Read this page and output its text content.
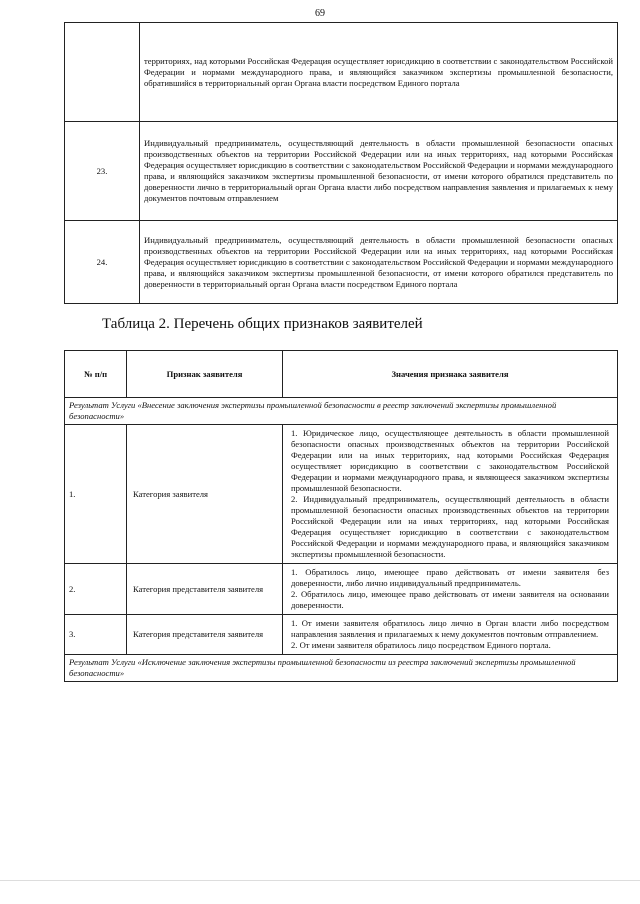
69
	территориях, над которыми Российская Федерация осуществляет юрисдикцию в соответствии с законодательством Российской Федерации и нормами международного права, и являющийся заказчиком экспертизы промышленной безопасности, обратившийся в территориальный орган Органа власти посредством Единого портала
23.	Индивидуальный предприниматель, осуществляющий деятельность в области промышленной безопасности опасных производственных объектов на территории Российской Федерации или на иных территориях, над которыми Российская Федерация осуществляет юрисдикцию в соответствии с законодательством Российской Федерации и нормами международного права, и являющийся заказчиком экспертизы промышленной безопасности, от имени которого обратился представитель по доверенности лично в территориальный орган Органа власти либо посредством направления заявления и прилагаемых к нему документов почтовым отправлением
24.	Индивидуальный предприниматель, осуществляющий деятельность в области промышленной безопасности опасных производственных объектов на территории Российской Федерации или на иных территориях, над которыми Российская Федерация осуществляет юрисдикцию в соответствии с законодательством Российской Федерации и нормами международного права, и являющийся заказчиком экспертизы промышленной безопасности, от имени которого обратился представитель по доверенности в территориальный орган Органа власти посредством Единого портала
Таблица 2. Перечень общих признаков заявителей
№ п/п	Признак заявителя	Значения признака заявителя
Результат Услуги «Внесение заключения экспертизы промышленной безопасности в реестр заключений экспертизы промышленной безопасности»		
1.	Категория заявителя	1. Юридическое лицо, осуществляющее деятельность в области промышленной безопасности опасных производственных объектов на территории Российской Федерации или на иных территориях, над которыми Российская Федерация осуществляет юрисдикцию в соответствии с законодательством Российской Федерации и нормами международного права, и являющееся заказчиком экспертизы промышленной безопасности.
2. Индивидуальный предприниматель, осуществляющий деятельность в области промышленной безопасности опасных производственных объектов на территории Российской Федерации или на иных территориях, над которыми Российская Федерация осуществляет юрисдикцию в соответствии с законодательством Российской Федерации и нормами международного права, и являющийся заказчиком экспертизы промышленной безопасности.

2.	Категория представителя заявителя	1. Обратилось лицо, имеющее право действовать от имени заявителя без доверенности, либо лично индивидуальный предприниматель.
2. Обратилось лицо, имеющее право действовать от имени заявителя на основании доверенности.

3.	Категория представителя заявителя	1. От имени заявителя обратилось лицо лично в Орган власти либо посредством направления заявления и прилагаемых к нему документов почтовым отправлением.
2. От имени заявителя обратилось лицо посредством Единого портала.

Результат Услуги «Исключение заключения экспертизы промышленной безопасности из реестра заключений экспертизы промышленной безопасности»		
